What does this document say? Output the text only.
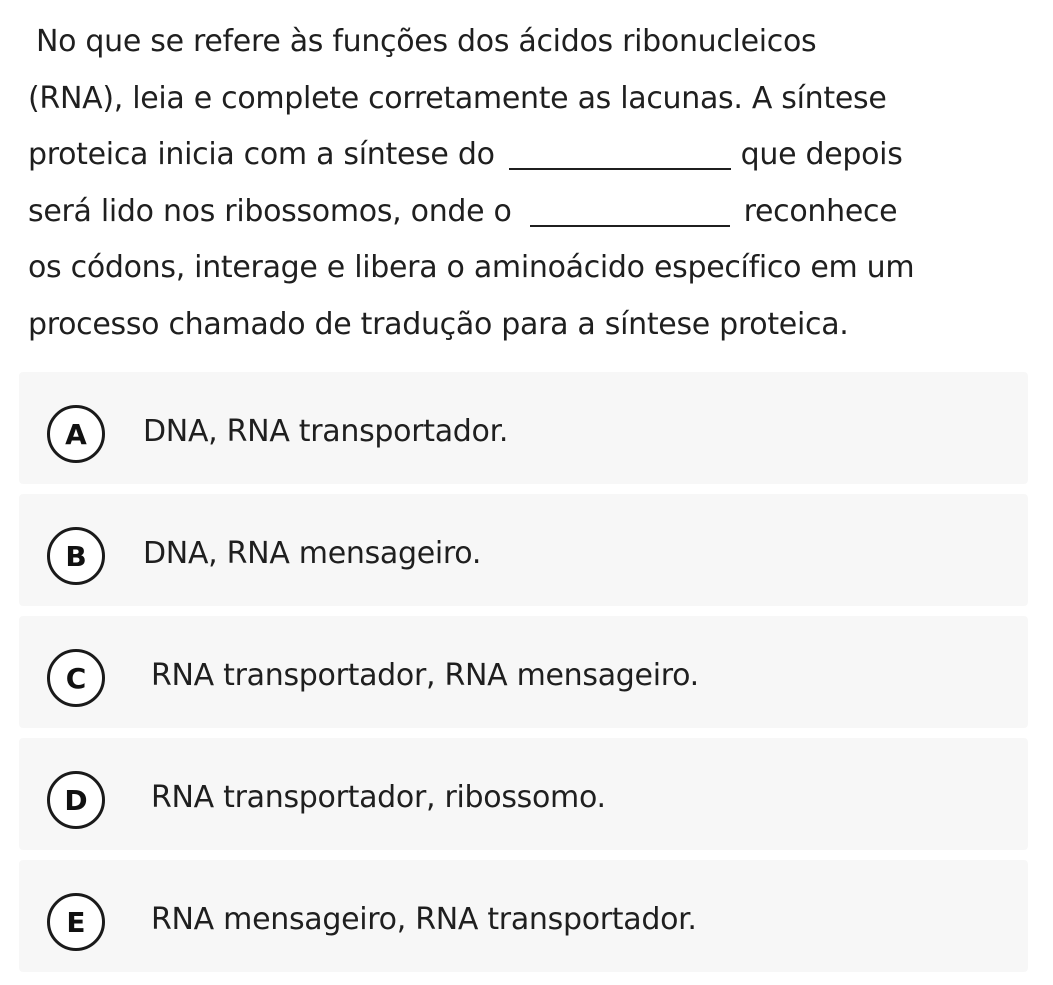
No que se refere às funções dos ácidos ribonucleicos
(RNA), leia e complete corretamente as lacunas. A síntese
proteica inicia com a síntese do	que depois
será lido nos ribossomos, onde o	reconhece
os códons, interage e libera o aminoácido específico em um
processo chamado de tradução para a síntese proteica.
A	DNA, RNA transportador.
B	DNA, RNA mensageiro.
C	RNA transportador, RNA mensageiro.
D	RNA transportador, ribossomo.
E	RNA mensageiro, RNA transportador.
